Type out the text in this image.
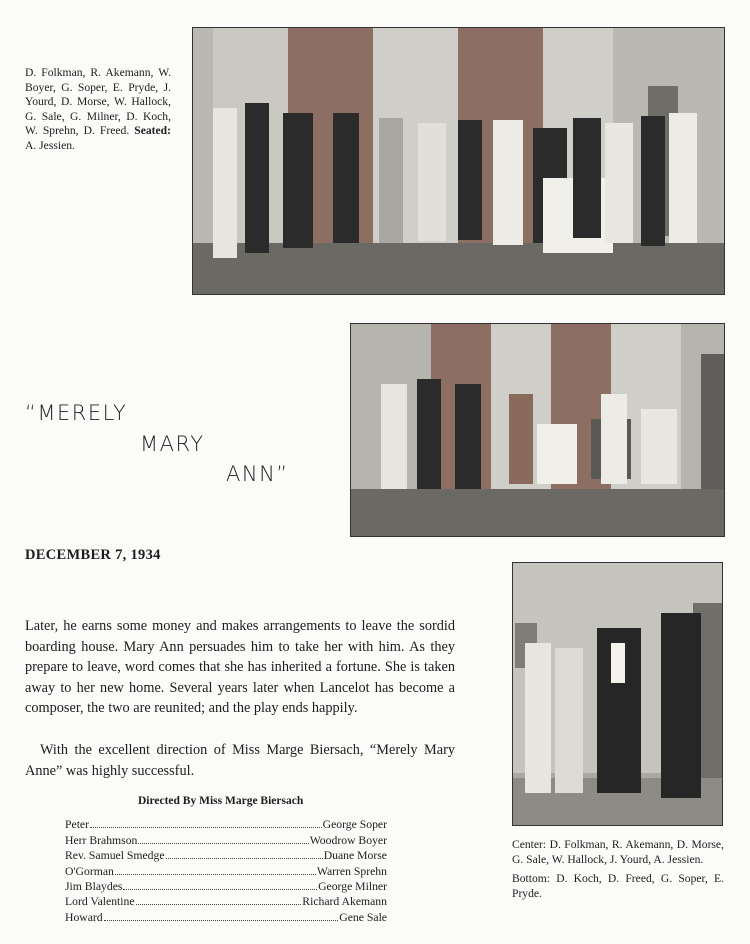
D. Folkman, R. Akemann, W. Boyer, G. Soper, E. Pryde, J. Yourd, D. Morse, W. Hallock, G. Sale, G. Milner, D. Koch, W. Sprehn, D. Freed. Seated: A. Jessien.
“MERELY
MARY
ANN”
DECEMBER 7, 1934
Later, he earns some money and makes arrangements to leave the sordid boarding house. Mary Ann persuades him to take her with him. As they prepare to leave, word comes that she has inherited a fortune. She is taken away to her new home. Several years later when Lancelot has become a composer, the two are reunited; and the play ends happily.
With the excellent direction of Miss Marge Biersach, “Merely Mary Anne” was highly successful.
Directed By Miss Marge Biersach
Peter	George Soper
Herr Brahmson	Woodrow Boyer
Rev. Samuel Smedge	Duane Morse
O'Gorman	Warren Sprehn
Jim Blaydes	George Milner
Lord Valentine	Richard Akemann
Howard	Gene Sale
Center: D. Folkman, R. Akemann, D. Morse, G. Sale, W. Hallock, J. Yourd, A. Jessien.
Bottom: D. Koch, D. Freed, G. Soper, E. Pryde.
